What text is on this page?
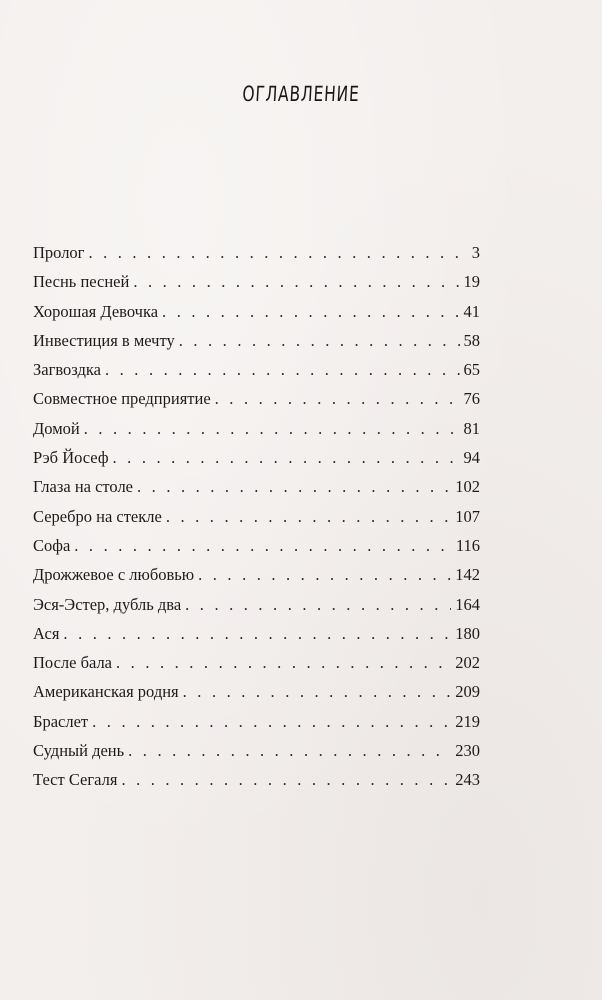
ОГЛАВЛЕНИЕ
Пролог . . .	3
Песнь песней . . .	19
Хорошая Девочка . . .	41
Инвестиция в мечту . . .	58
Загвоздка . . .	65
Совместное предприятие . . .	76
Домой . . .	81
Рэб Йосеф . . .	94
Глаза на столе . . .	102
Серебро на стекле . . .	107
Софа . . .	116
Дрожжевое с любовью . . .	142
Эся-Эстер, дубль два . . .	164
Ася . . .	180
После бала . . .	202
Американская родня . . .	209
Браслет . . .	219
Судный день . . .	230
Тест Сегаля . . .	243
